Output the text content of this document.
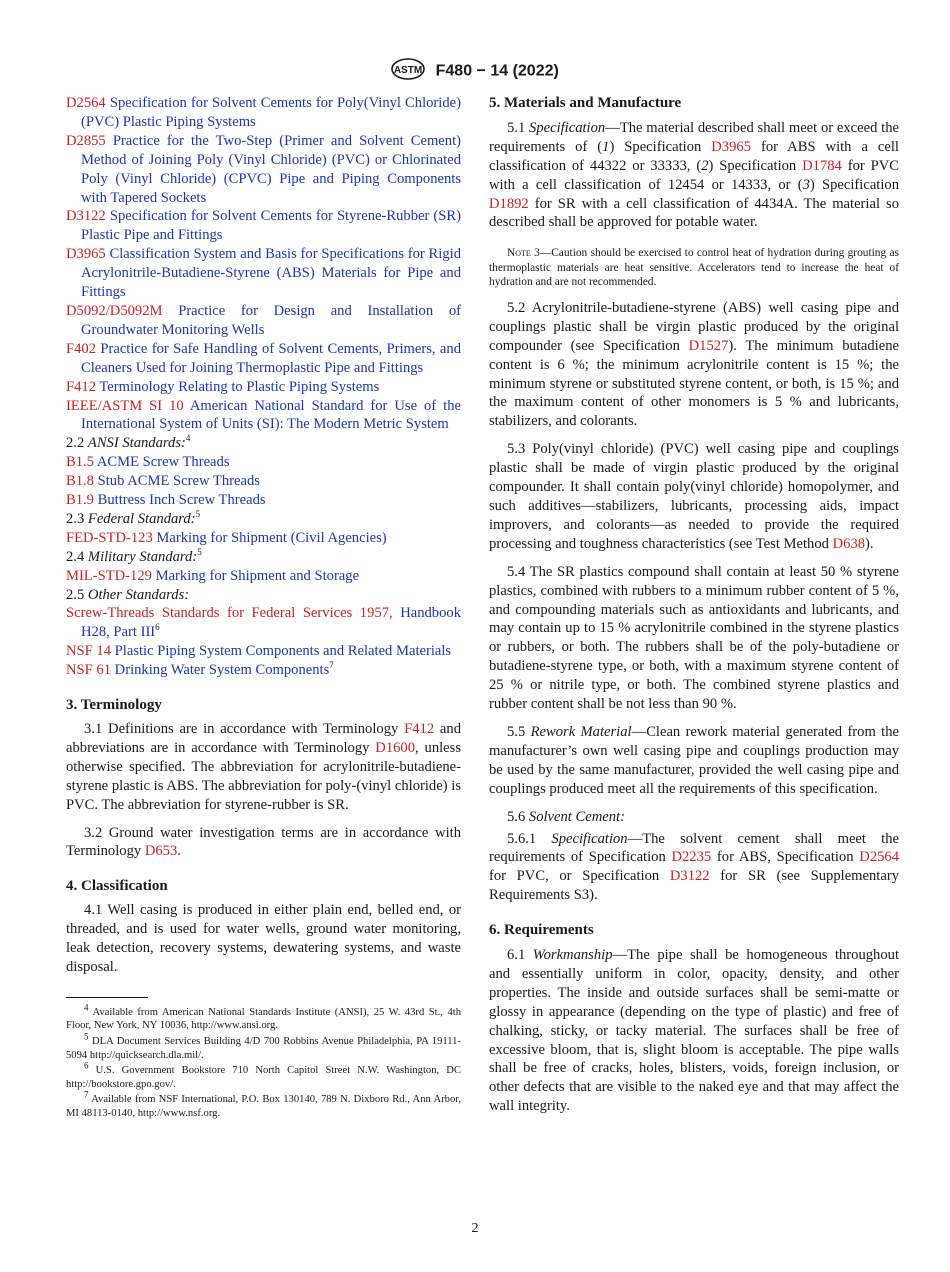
ASTM F480 − 14 (2022)

D2564 Specification for Solvent Cements for Poly(Vinyl Chloride) (PVC) Plastic Piping Systems

D2855 Practice for the Two-Step (Primer and Solvent Cement) Method of Joining Poly (Vinyl Chloride) (PVC) or Chlorinated Poly (Vinyl Chloride) (CPVC) Pipe and Piping Components with Tapered Sockets

D3122 Specification for Solvent Cements for Styrene-Rubber (SR) Plastic Pipe and Fittings

D3965 Classification System and Basis for Specifications for Rigid Acrylonitrile-Butadiene-Styrene (ABS) Materials for Pipe and Fittings

D5092/D5092M Practice for Design and Installation of Groundwater Monitoring Wells

F402 Practice for Safe Handling of Solvent Cements, Primers, and Cleaners Used for Joining Thermoplastic Pipe and Fittings

F412 Terminology Relating to Plastic Piping Systems

IEEE/ASTM SI 10 American National Standard for Use of the International System of Units (SI): The Modern Metric System

2.2 ANSI Standards:$^4$

B1.5 ACME Screw Threads

B1.8 Stub ACME Screw Threads

B1.9 Buttress Inch Screw Threads

2.3 Federal Standard:$^5$

FED-STD-123 Marking for Shipment (Civil Agencies)

2.4 Military Standard:$^5$

MIL-STD-129 Marking for Shipment and Storage

2.5 Other Standards:

Screw-Threads Standards for Federal Services 1957, Handbook H28, Part III$^6$

NSF 14 Plastic Piping System Components and Related Materials

NSF 61 Drinking Water System Components$^7$

3. Terminology

3.1 Definitions are in accordance with Terminology F412 and abbreviations are in accordance with Terminology D1600, unless otherwise specified. The abbreviation for acrylonitrile-butadiene-styrene plastic is ABS. The abbreviation for poly-(vinyl chloride) is PVC. The abbreviation for styrene-rubber is SR.

3.2 Ground water investigation terms are in accordance with Terminology D653.

4. Classification

4.1 Well casing is produced in either plain end, belled end, or threaded, and is used for water wells, ground water monitoring, leak detection, recovery systems, dewatering systems, and waste disposal.

$^4$ Available from American National Standards Institute (ANSI), 25 W. 43rd St., 4th Floor, New York, NY 10036, http://www.ansi.org.

$^5$ DLA Document Services Building 4/D 700 Robbins Avenue Philadelphia, PA 19111-5094 http://quicksearch.dla.mil/.

$^6$ U.S. Government Bookstore 710 North Capitol Street N.W. Washington, DC http://bookstore.gpo.gov/.

$^7$ Available from NSF International, P.O. Box 130140, 789 N. Dixboro Rd., Ann Arbor, MI 48113-0140, http://www.nsf.org.

5. Materials and Manufacture

5.1 Specification—The material described shall meet or exceed the requirements of (1) Specification D3965 for ABS with a cell classification of 44322 or 33333, (2) Specification D1784 for PVC with a cell classification of 12454 or 14333, or (3) Specification D1892 for SR with a cell classification of 4434A. The material so described shall be approved for potable water.

Note 3—Caution should be exercised to control heat of hydration during grouting as thermoplastic materials are heat sensitive. Accelerators tend to increase the heat of hydration and are not recommended.

5.2 Acrylonitrile-butadiene-styrene (ABS) well casing pipe and couplings plastic shall be virgin plastic produced by the original compounder (see Specification D1527). The minimum butadiene content is 6 %; the minimum acrylonitrile content is 15 %; the minimum styrene or substituted styrene content, or both, is 15 %; and the maximum content of other monomers is 5 % and lubricants, stabilizers, and colorants.

5.3 Poly(vinyl chloride) (PVC) well casing pipe and couplings plastic shall be made of virgin plastic produced by the original compounder. It shall contain poly(vinyl chloride) homopolymer, and such additives—stabilizers, lubricants, processing aids, impact improvers, and colorants—as needed to provide the required processing and toughness characteristics (see Test Method D638).

5.4 The SR plastics compound shall contain at least 50 % styrene plastics, combined with rubbers to a minimum rubber content of 5 %, and compounding materials such as antioxidants and lubricants, and may contain up to 15 % acrylonitrile combined in the styrene plastics or rubbers, or both. The rubbers shall be of the poly-butadiene or butadiene-styrene type, or both, with a maximum styrene content of 25 % or nitrile type, or both. The combined styrene plastics and rubber content shall be not less than 90 %.

5.5 Rework Material—Clean rework material generated from the manufacturer’s own well casing pipe and couplings production may be used by the same manufacturer, provided the well casing pipe and couplings produced meet all the requirements of this specification.

5.6 Solvent Cement:

5.6.1 Specification—The solvent cement shall meet the requirements of Specification D2235 for ABS, Specification D2564 for PVC, or Specification D3122 for SR (see Supplementary Requirements S3).

6. Requirements

6.1 Workmanship—The pipe shall be homogeneous throughout and essentially uniform in color, opacity, density, and other properties. The inside and outside surfaces shall be semi-matte or glossy in appearance (depending on the type of plastic) and free of chalking, sticky, or tacky material. The surfaces shall be free of excessive bloom, that is, slight bloom is acceptable. The pipe walls shall be free of cracks, holes, blisters, voids, foreign inclusion, or other defects that are visible to the naked eye and that may affect the wall integrity.

2
